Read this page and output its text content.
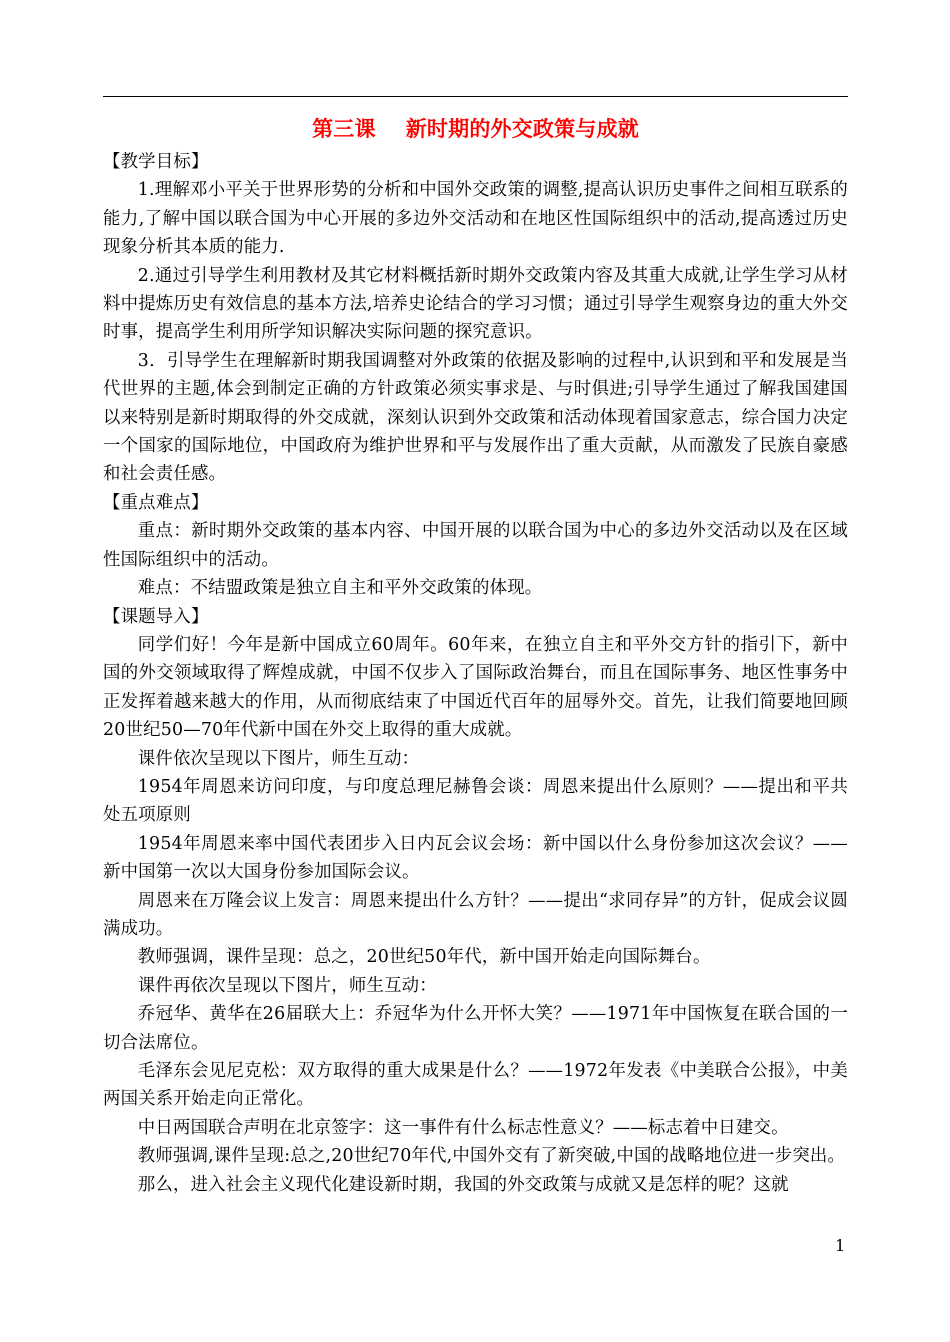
第三课    新时期的外交政策与成就

【教学目标】

1.理解邓小平关于世界形势的分析和中国外交政策的调整,提高认识历史事件之间相互联系的能力,了解中国以联合国为中心开展的多边外交活动和在地区性国际组织中的活动,提高透过历史现象分析其本质的能力.

2.通过引导学生利用教材及其它材料概括新时期外交政策内容及其重大成就,让学生学习从材料中提炼历史有效信息的基本方法,培养史论结合的学习习惯；通过引导学生观察身边的重大外交时事，提高学生利用所学知识解决实际问题的探究意识。

3．引导学生在理解新时期我国调整对外政策的依据及影响的过程中,认识到和平和发展是当代世界的主题,体会到制定正确的方针政策必须实事求是、与时俱进;引导学生通过了解我国建国以来特别是新时期取得的外交成就，深刻认识到外交政策和活动体现着国家意志，综合国力决定一个国家的国际地位，中国政府为维护世界和平与发展作出了重大贡献，从而激发了民族自豪感和社会责任感。

【重点难点】

重点：新时期外交政策的基本内容、中国开展的以联合国为中心的多边外交活动以及在区域性国际组织中的活动。

难点：不结盟政策是独立自主和平外交政策的体现。

【课题导入】

同学们好！今年是新中国成立60周年。60年来，在独立自主和平外交方针的指引下，新中国的外交领域取得了辉煌成就，中国不仅步入了国际政治舞台，而且在国际事务、地区性事务中正发挥着越来越大的作用，从而彻底结束了中国近代百年的屈辱外交。首先，让我们简要地回顾20世纪50—70年代新中国在外交上取得的重大成就。

课件依次呈现以下图片，师生互动：

1954年周恩来访问印度，与印度总理尼赫鲁会谈：周恩来提出什么原则？——提出和平共处五项原则

1954年周恩来率中国代表团步入日内瓦会议会场：新中国以什么身份参加这次会议？——新中国第一次以大国身份参加国际会议。

周恩来在万隆会议上发言：周恩来提出什么方针？——提出“求同存异”的方针，促成会议圆满成功。

教师强调，课件呈现：总之，20世纪50年代，新中国开始走向国际舞台。

课件再依次呈现以下图片，师生互动：

乔冠华、黄华在26届联大上：乔冠华为什么开怀大笑？——1971年中国恢复在联合国的一切合法席位。

毛泽东会见尼克松：双方取得的重大成果是什么？——1972年发表《中美联合公报》，中美两国关系开始走向正常化。

中日两国联合声明在北京签字：这一事件有什么标志性意义？——标志着中日建交。

教师强调,课件呈现:总之,20世纪70年代,中国外交有了新突破,中国的战略地位进一步突出。

那么，进入社会主义现代化建设新时期，我国的外交政策与成就又是怎样的呢？这就

1
